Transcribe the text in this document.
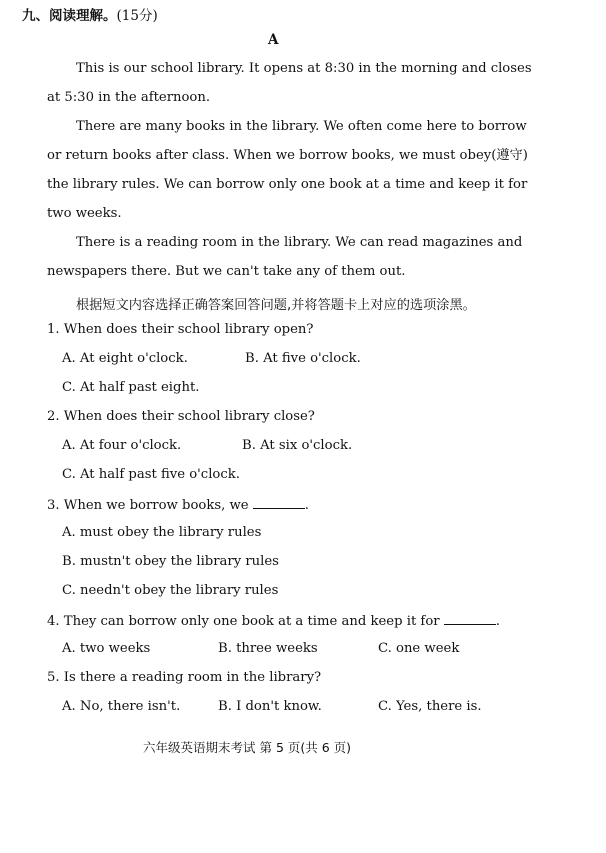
九、阅读理解。(15分)
A
This is our school library. It opens at 8:30 in the morning and closes
at 5:30 in the afternoon.
There are many books in the library. We often come here to borrow
or return books after class. When we borrow books, we must obey(遵守)
the library rules. We can borrow only one book at a time and keep it for
two weeks.
There is a reading room in the library. We can read magazines and
newspapers there. But we can't take any of them out.
根据短文内容选择正确答案回答问题,并将答题卡上对应的选项涂黑。
1. When does their school library open?
A. At eight o'clock.	B. At five o'clock.
C. At half past eight.
2. When does their school library close?
A. At four o'clock.	B. At six o'clock.
C. At half past five o'clock.
3. When we borrow books, we	.
A. must obey the library rules
B. mustn't obey the library rules
C. needn't obey the library rules
4. They can borrow only one book at a time and keep it for	.
A. two weeks	B. three weeks	C. one week
5. Is there a reading room in the library?
A. No, there isn't.	B. I don't know.	C. Yes, there is.
六年级英语期末考试 第 5 页(共 6 页)
